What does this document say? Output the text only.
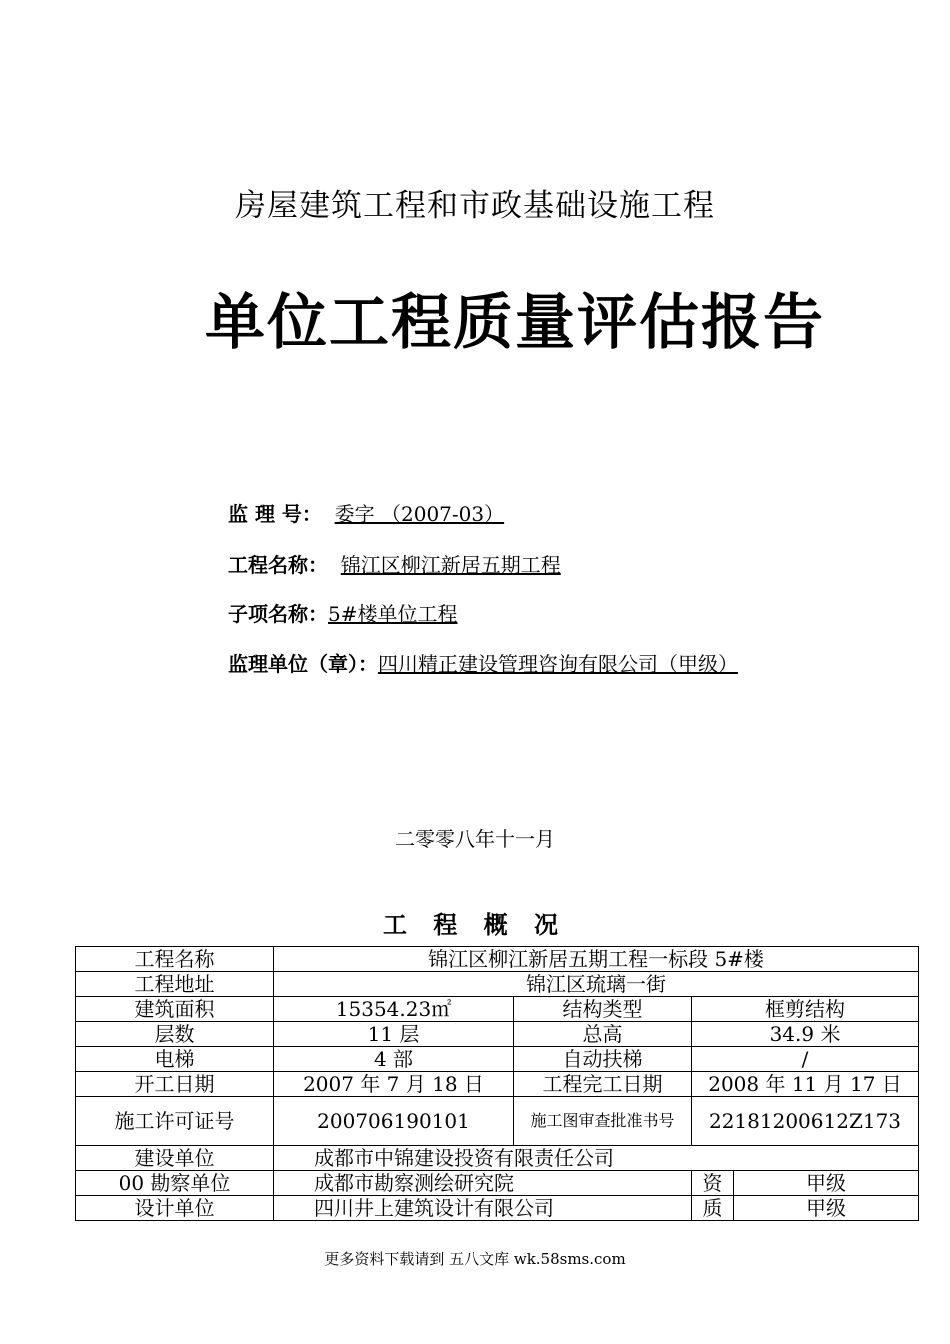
房屋建筑工程和市政基础设施工程
单位工程质量评估报告
监 理 号： 委字 （2007-03）
工程名称： 锦江区柳江新居五期工程
子项名称：5#楼单位工程
监理单位（章）：四川精正建设管理咨询有限公司（甲级）
二零零八年十一月
工 程 概 况
工程名称	锦江区柳江新居五期工程一标段 5#楼			
工程地址	锦江区琉璃一街			
建筑面积	15354.23㎡	结构类型	框剪结构	
层数	11 层	总高	34.9 米	
电梯	4 部	自动扶梯	/	
开工日期	2007 年 7 月 18 日	工程完工日期	2008 年 11 月 17 日	
施工许可证号	200706190101	施工图审查批准书号	22181200612Z173	
建设单位	成都市中锦建设投资有限责任公司			
00 勘察单位	成都市勘察测绘研究院		资	甲级
设计单位	四川井上建筑设计有限公司		质	甲级
更多资料下载请到 五八文库 wk.58sms.com
